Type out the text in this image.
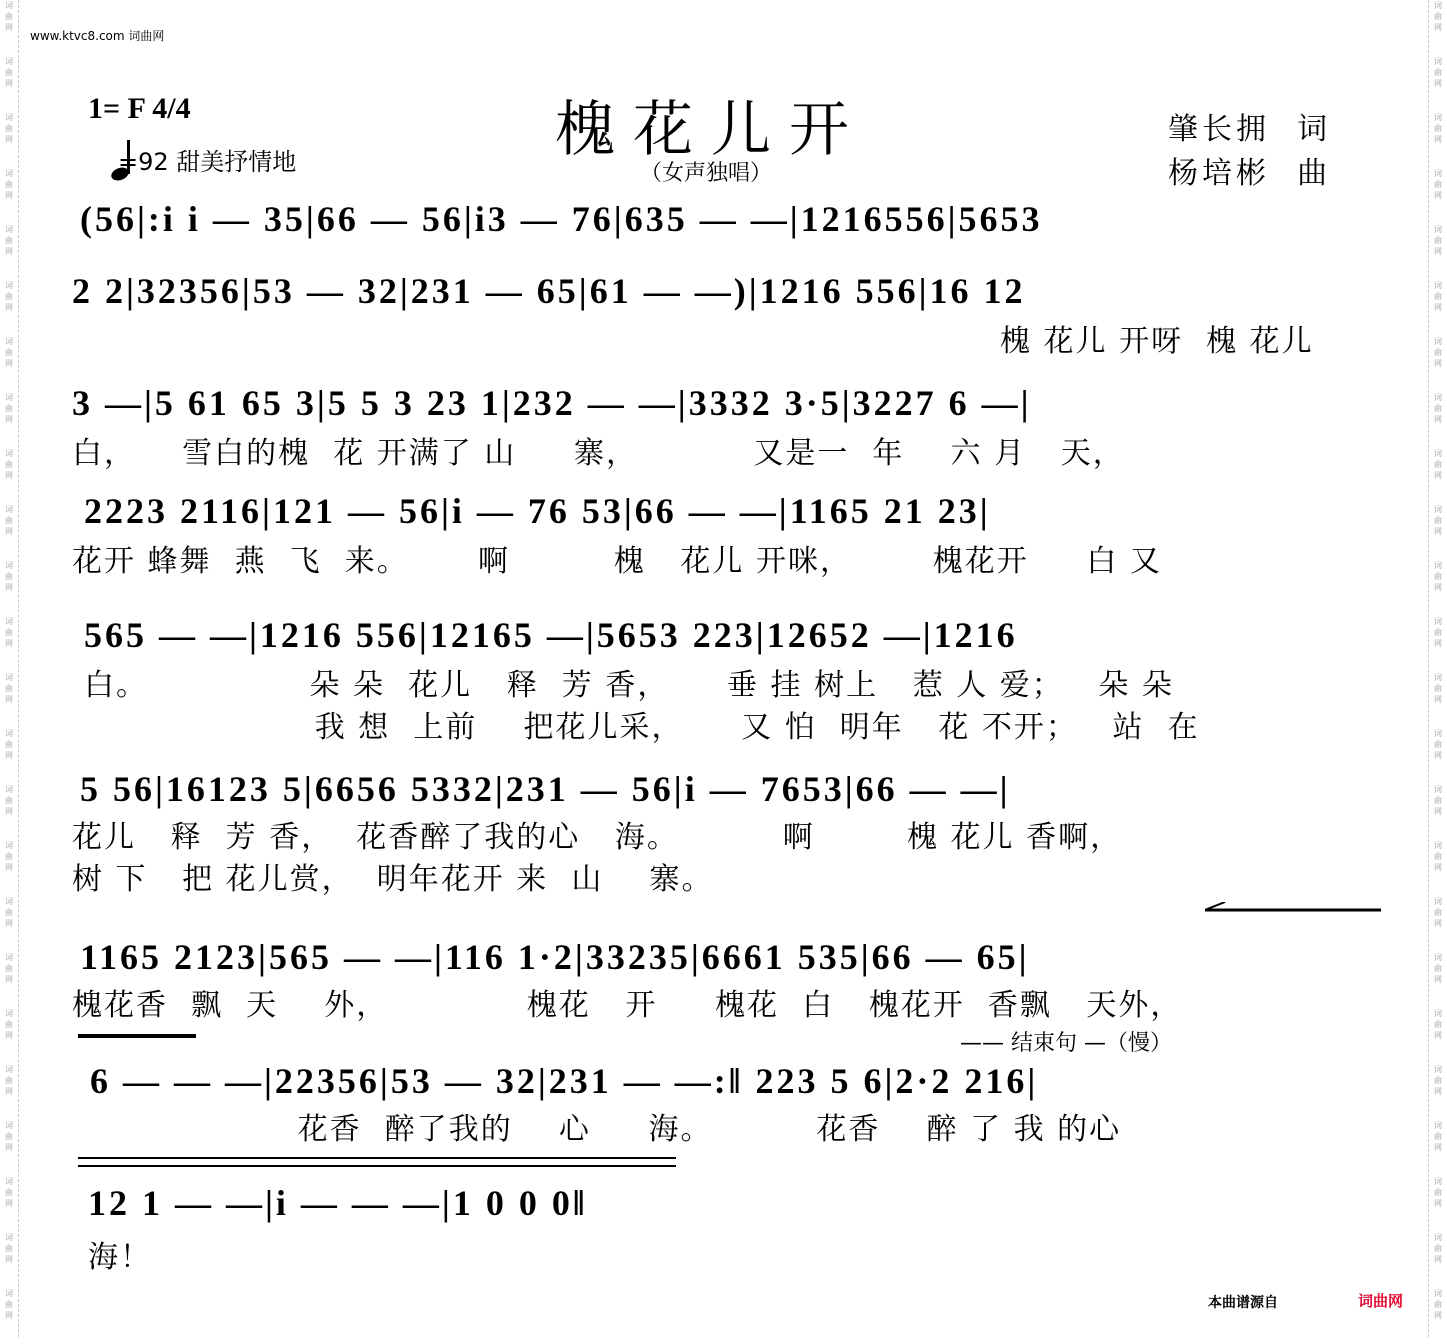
词
曲
网
词
曲
网
词
曲
网
词
曲
网
词
曲
网
词
曲
网
词
曲
网
词
曲
网
词
曲
网
词
曲
网
词
曲
网
词
曲
网
词
曲
网
词
曲
网
词
曲
网
词
曲
网
词
曲
网
词
曲
网
词
曲
网
词
曲
网
词
曲
网
词
曲
网
词
曲
网
词
曲
网
词
曲
网
词
曲
网
词
曲
网
词
曲
网
词
曲
网
词
曲
网
词
曲
网
词
曲
网
词
曲
网
词
曲
网
词
曲
网
词
曲
网
词
曲
网
词
曲
网
词
曲
网
词
曲
网
词
曲
网
词
曲
网
词
曲
网
词
曲
网
词
曲
网
词
曲
网
词
曲
网
词
曲
网
www.ktvc8.com 词曲网
1= F 4/4
=92 甜美抒情地	槐花儿开
（女声独唱）
肇长拥  词
杨培彬  曲
(56|:i i — 35|66 — 56|i3 — 76|635 — —|1216556|5653
2 2|32356|53 — 32|231 — 65|61 — —)|1216 556|16 12
槐 花儿 开呀  槐 花儿
3 —|5 61 65 3|5 5 3 23 1|232 — —|3332 3·5|3227 6 —|
白，    雪白的槐  花 开满了 山     寨，          又是一  年    六 月   天，
2223 2116|121 — 56|i — 76 53|66 — —|1165 21 23|
花开 蜂舞  燕  飞  来。      啊         槐   花儿 开咪，       槐花开     白 又
565 — —|1216 556|12165 —|5653 223|12652 —|1216
白。              朵 朵  花儿   释  芳 香，     垂 挂 树上   惹 人 爱；   朵 朵
我 想  上前    把花儿采，     又 怕  明年   花 不开；   站  在
5 56|16123 5|6656 5332|231 — 56|i — 7653|66 — —|
花儿   释  芳 香，  花香醉了我的心   海。         啊        槐 花儿 香啊，
树 下   把 花儿赏，  明年花开 来  山    寨。
1165 2123|565 — —|116 1·2|33235|6661 535|66 — 65|
槐花香  飘  天    外，            槐花   开     槐花  白   槐花开  香飘   天外，
—— 结束句 —（慢）
6 — — —|22356|53 — 32|231 — —:‖ 223 5 6|2·2 216|
花香  醉了我的    心     海。         花香    醉 了 我 的心
12 1 — —|i — — —|1 0 0 0‖
海！
本曲谱源自	词曲网
